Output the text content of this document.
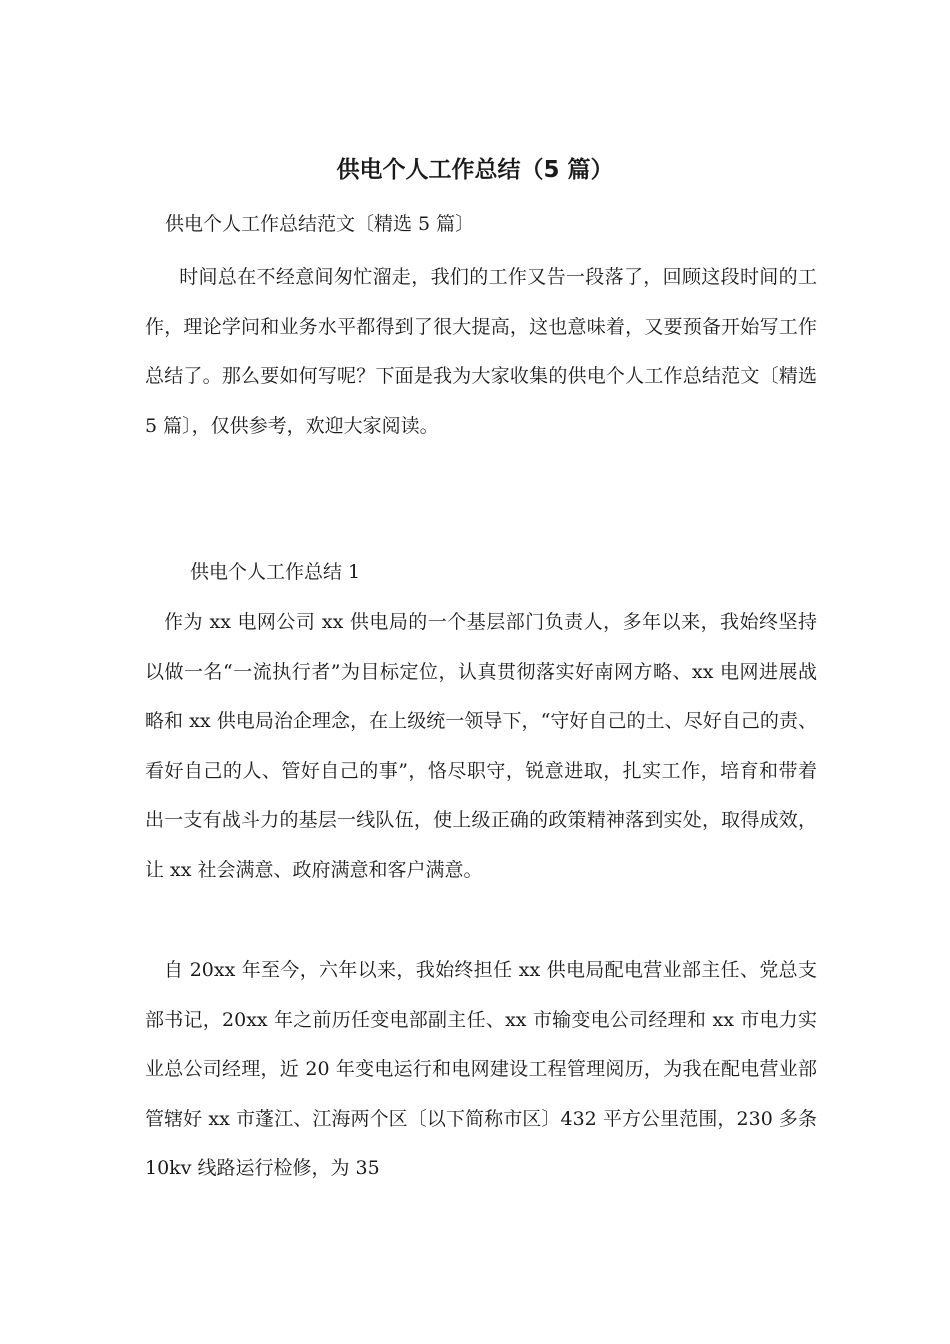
供电个人工作总结（5 篇）

供电个人工作总结范文〔精选 5 篇〕

时间总在不经意间匆忙溜走，我们的工作又告一段落了，回顾这段时间的工作，理论学问和业务水平都得到了很大提高，这也意味着，又要预备开始写工作总结了。那么要如何写呢？下面是我为大家收集的供电个人工作总结范文〔精选 5 篇〕，仅供参考，欢迎大家阅读。

供电个人工作总结 1

作为 xx 电网公司 xx 供电局的一个基层部门负责人，多年以来，我始终坚持以做一名“一流执行者”为目标定位，认真贯彻落实好南网方略、xx 电网进展战略和 xx 供电局治企理念，在上级统一领导下，“守好自己的土、尽好自己的责、看好自己的人、管好自己的事”，恪尽职守，锐意进取，扎实工作，培育和带着出一支有战斗力的基层一线队伍，使上级正确的政策精神落到实处，取得成效，让 xx 社会满意、政府满意和客户满意。

自 20xx 年至今，六年以来，我始终担任 xx 供电局配电营业部主任、党总支部书记，20xx 年之前历任变电部副主任、xx 市输变电公司经理和 xx 市电力实业总公司经理，近 20 年变电运行和电网建设工程管理阅历，为我在配电营业部管辖好 xx 市蓬江、江海两个区〔以下简称市区〕432 平方公里范围，230 多条 10kv 线路运行检修，为 35
